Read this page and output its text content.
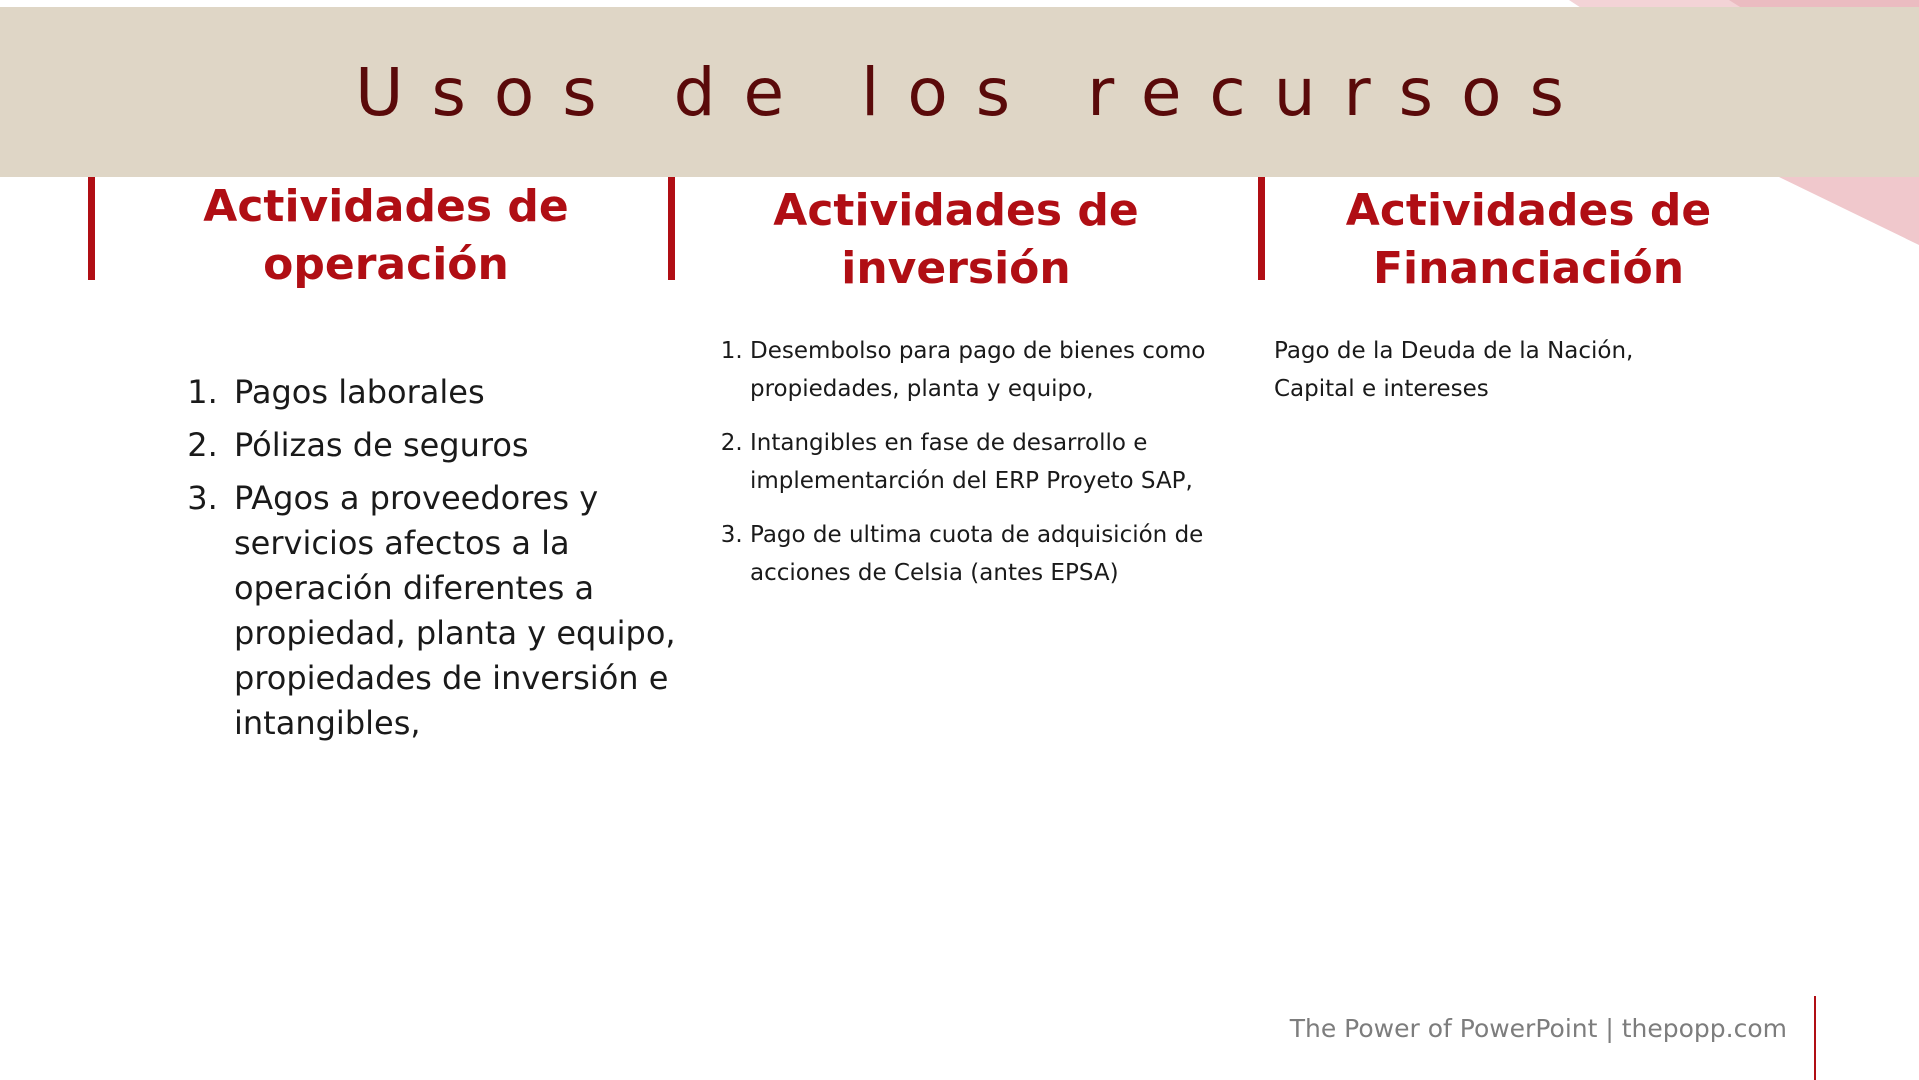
Usos de los recursos
Actividades de operación
Actividades de inversión
Actividades de Financiación
1. Pagos laborales
2. Pólizas de seguros
3. PAgos a proveedores y servicios afectos a la operación diferentes a propiedad, planta y equipo, propiedades de inversión e intangibles,
1. Desembolso para pago de bienes como propiedades, planta y equipo,
2. Intangibles en fase de desarrollo e implementarción del ERP Proyeto SAP,
3. Pago de ultima cuota de adquisición de acciones de Celsia (antes EPSA)
Pago de la Deuda de la Nación, Capital e intereses
The Power of PowerPoint | thepopp.com
